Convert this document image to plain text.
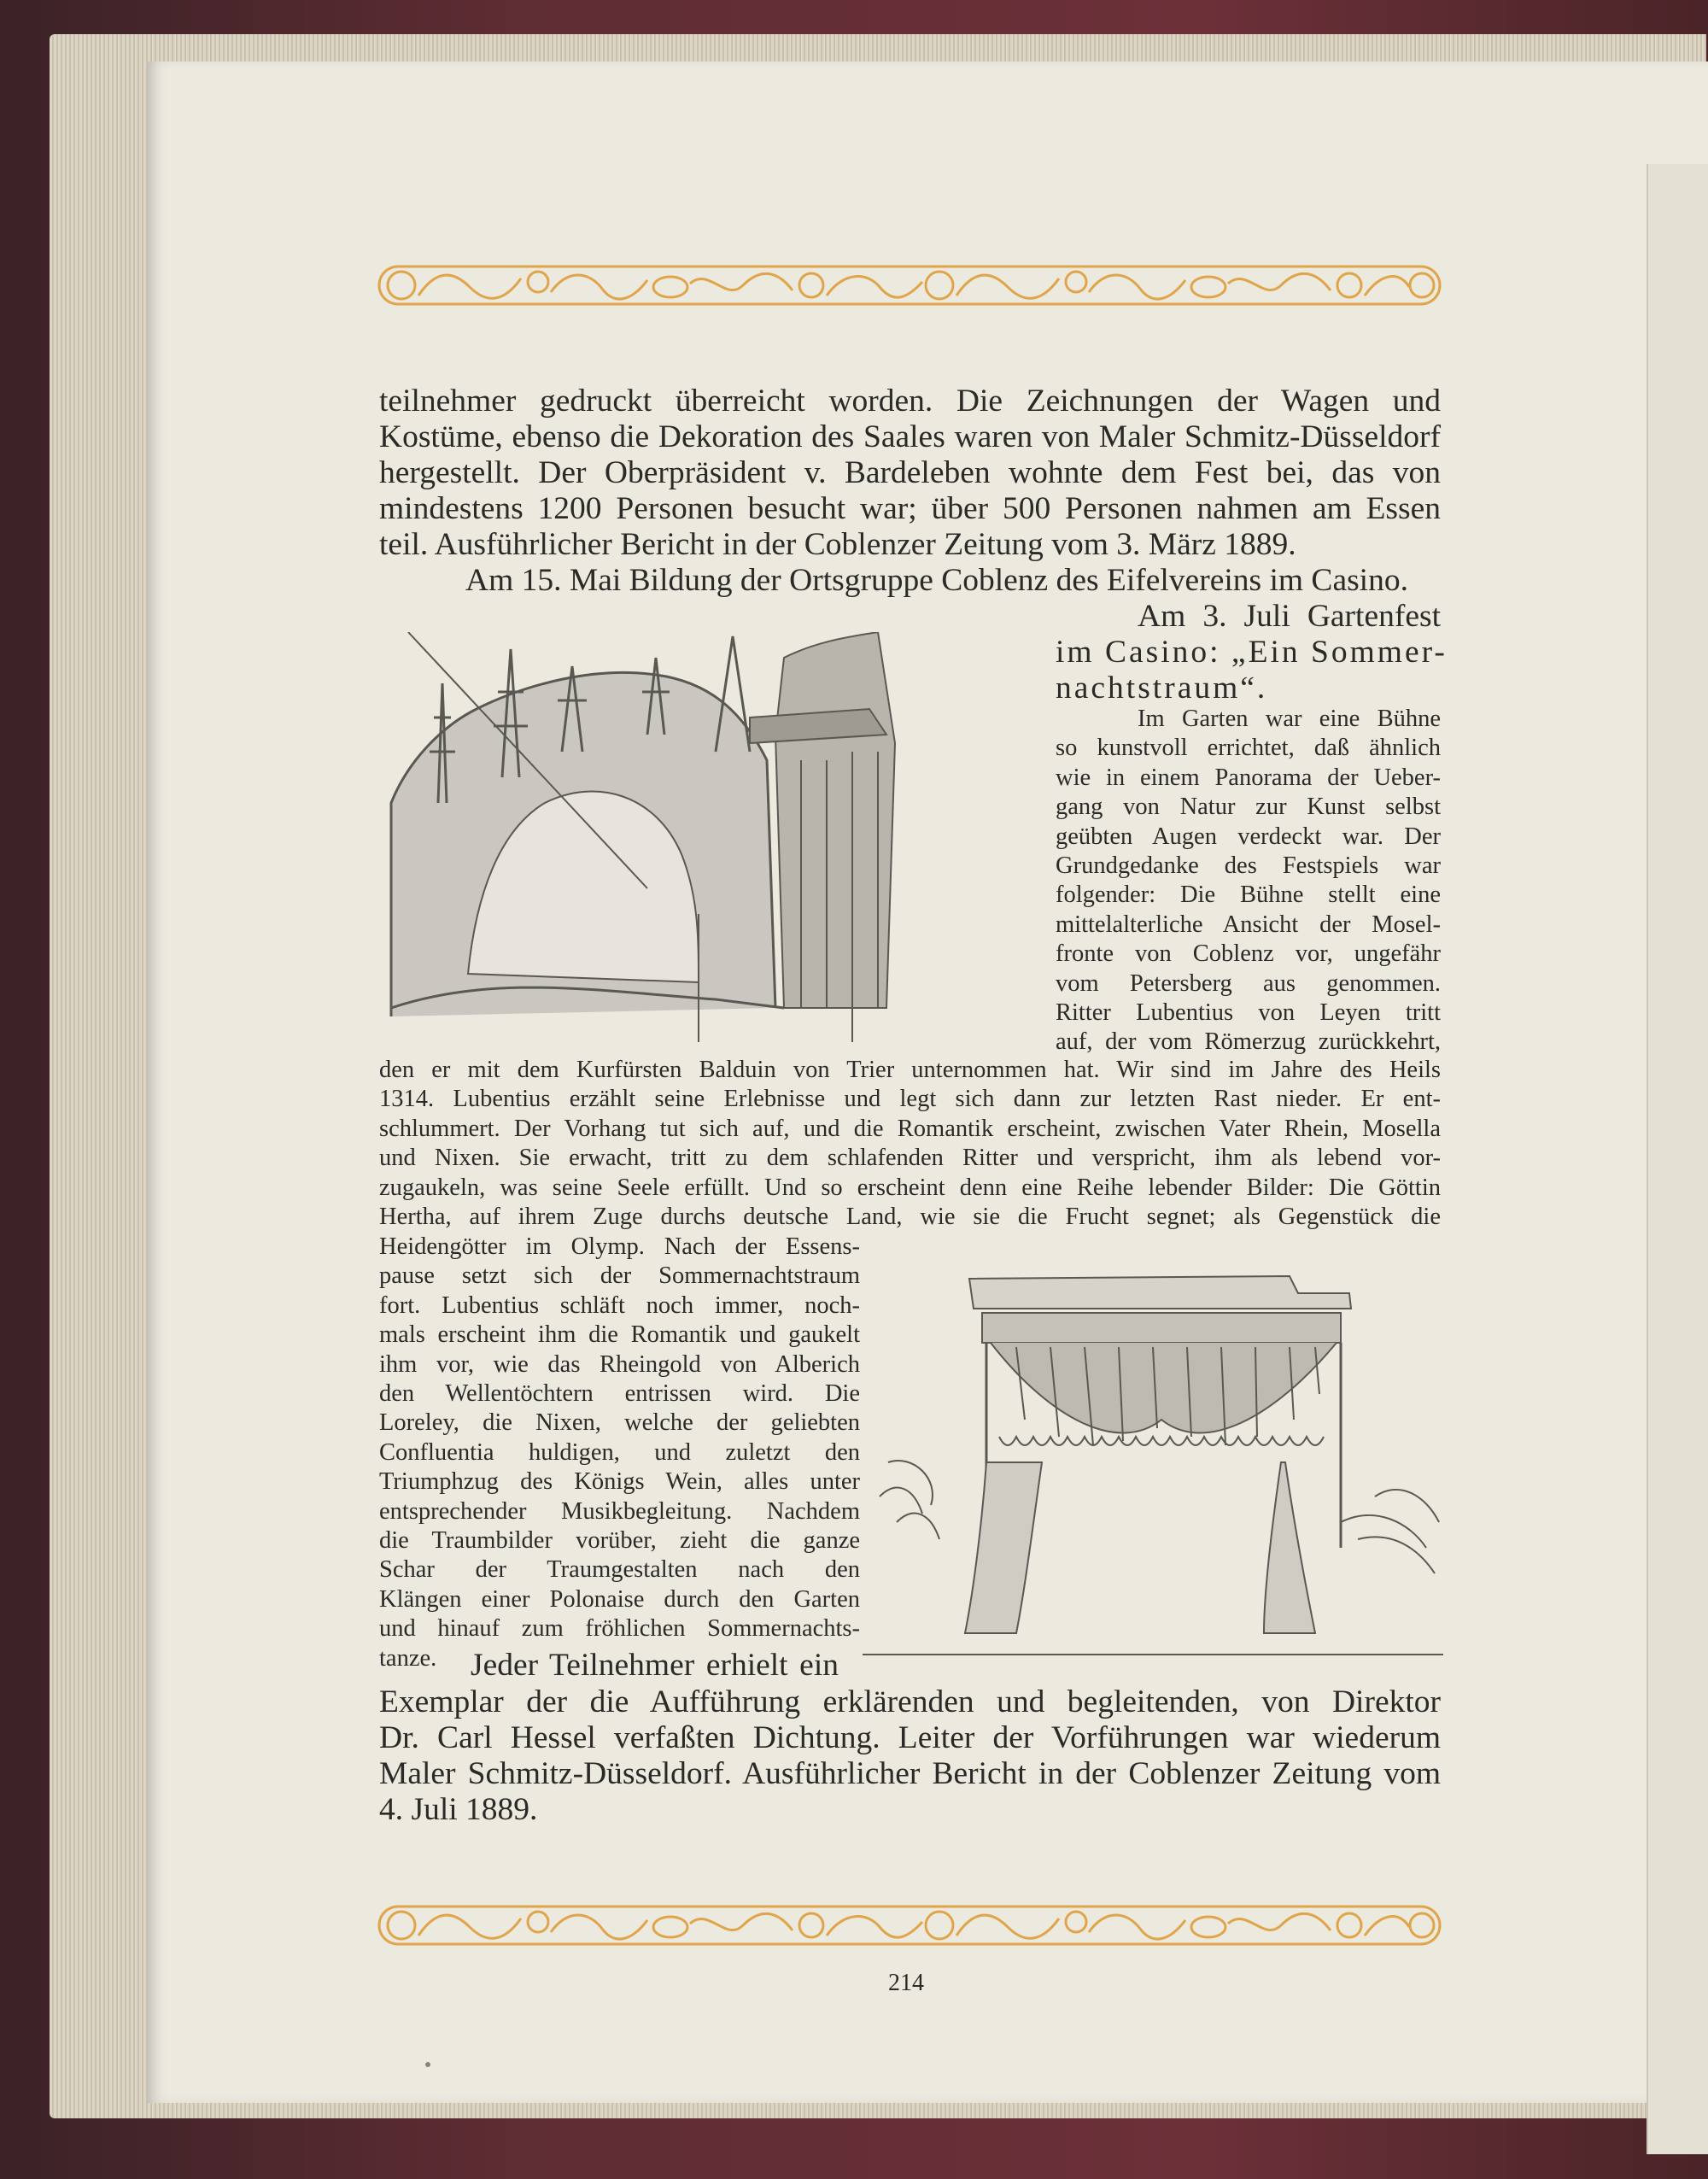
teilnehmer gedruckt überreicht worden. Die Zeichnungen der Wagen und
Kostüme, ebenso die Dekoration des Saales waren von Maler Schmitz-Düsseldorf
hergestellt. Der Oberpräsident v. Bardeleben wohnte dem Fest bei, das von
mindestens 1200 Personen besucht war; über 500 Personen nahmen am Essen
teil. Ausführlicher Bericht in der Coblenzer Zeitung vom 3. März 1889.
Am 15. Mai Bildung der Ortsgruppe Coblenz des Eifelvereins im Casino.
Am 3. Juli Gartenfest
im Casino: „Ein Sommer-
nachtstraum“.
Im Garten war eine Bühne
so kunstvoll errichtet, daß ähnlich
wie in einem Panorama der Ueber-
gang von Natur zur Kunst selbst
geübten Augen verdeckt war. Der
Grundgedanke des Festspiels war
folgender: Die Bühne stellt eine
mittelalterliche Ansicht der Mosel-
fronte von Coblenz vor, ungefähr
vom Petersberg aus genommen.
Ritter Lubentius von Leyen tritt
auf, der vom Römerzug zurückkehrt,
den er mit dem Kurfürsten Balduin von Trier unternommen hat. Wir sind im Jahre des Heils
1314. Lubentius erzählt seine Erlebnisse und legt sich dann zur letzten Rast nieder. Er ent-
schlummert. Der Vorhang tut sich auf, und die Romantik erscheint, zwischen Vater Rhein, Mosella
und Nixen. Sie erwacht, tritt zu dem schlafenden Ritter und verspricht, ihm als lebend vor-
zugaukeln, was seine Seele erfüllt. Und so erscheint denn eine Reihe lebender Bilder: Die Göttin
Hertha, auf ihrem Zuge durchs deutsche Land, wie sie die Frucht segnet; als Gegenstück die
Heidengötter im Olymp. Nach der Essens-
pause setzt sich der Sommernachtstraum
fort. Lubentius schläft noch immer, noch-
mals erscheint ihm die Romantik und gaukelt
ihm vor, wie das Rheingold von Alberich
den Wellentöchtern entrissen wird. Die
Loreley, die Nixen, welche der geliebten
Confluentia huldigen, und zuletzt den
Triumphzug des Königs Wein, alles unter
entsprechender Musikbegleitung. Nachdem
die Traumbilder vorüber, zieht die ganze
Schar der Traumgestalten nach den
Klängen einer Polonaise durch den Garten
und hinauf zum fröhlichen Sommernachts-
tanze.	Jeder Teilnehmer erhielt ein
Exemplar der die Aufführung erklärenden und begleitenden, von Direktor
Dr. Carl Hessel verfaßten Dichtung. Leiter der Vorführungen war wiederum
Maler Schmitz-Düsseldorf. Ausführlicher Bericht in der Coblenzer Zeitung vom
4. Juli 1889.
214
